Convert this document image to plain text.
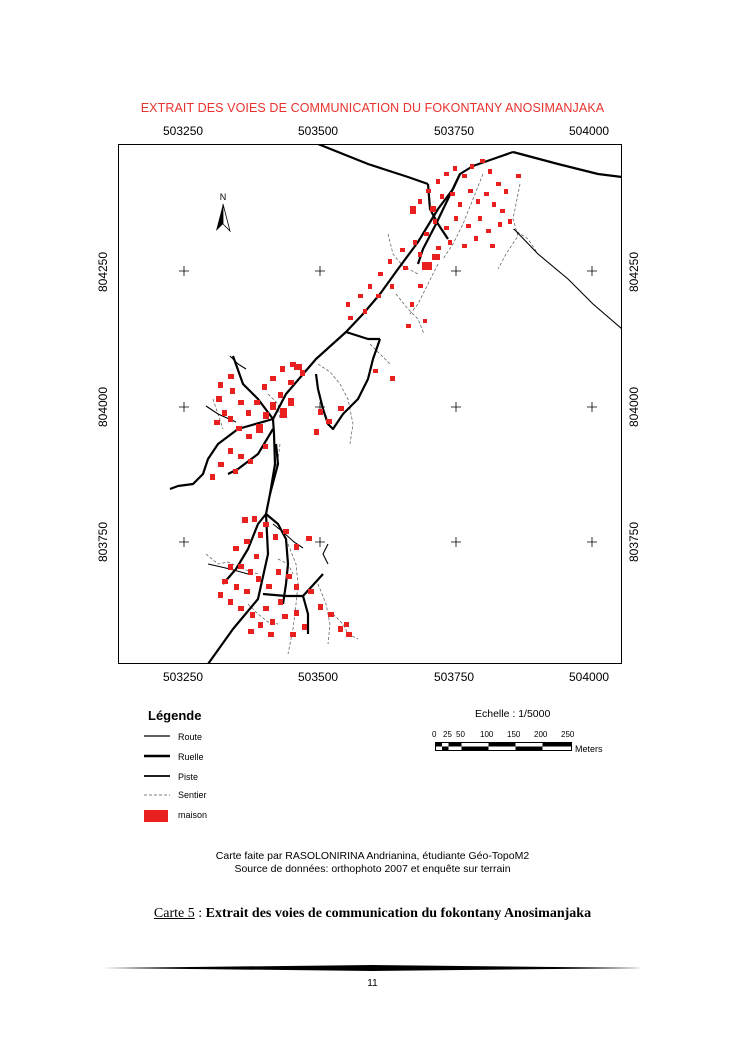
EXTRAIT DES VOIES DE COMMUNICATION DU FOKONTANY ANOSIMANJAKA
503250	503500	503750	504000
503250	503500	503750	504000
804250
804000
803750
804250
804000
803750
N
Légende
Route
Ruelle
Piste
Sentier
maison
Echelle : 1/5000
0 25 50 100 150 200 250
Meters
Carte faite par RASOLONIRINA Andrianina, étudiante Géo-TopoM2
Source de données: orthophoto 2007 et enquête sur terrain
Carte 5 : Extrait des voies de communication du fokontany Anosimanjaka
11
